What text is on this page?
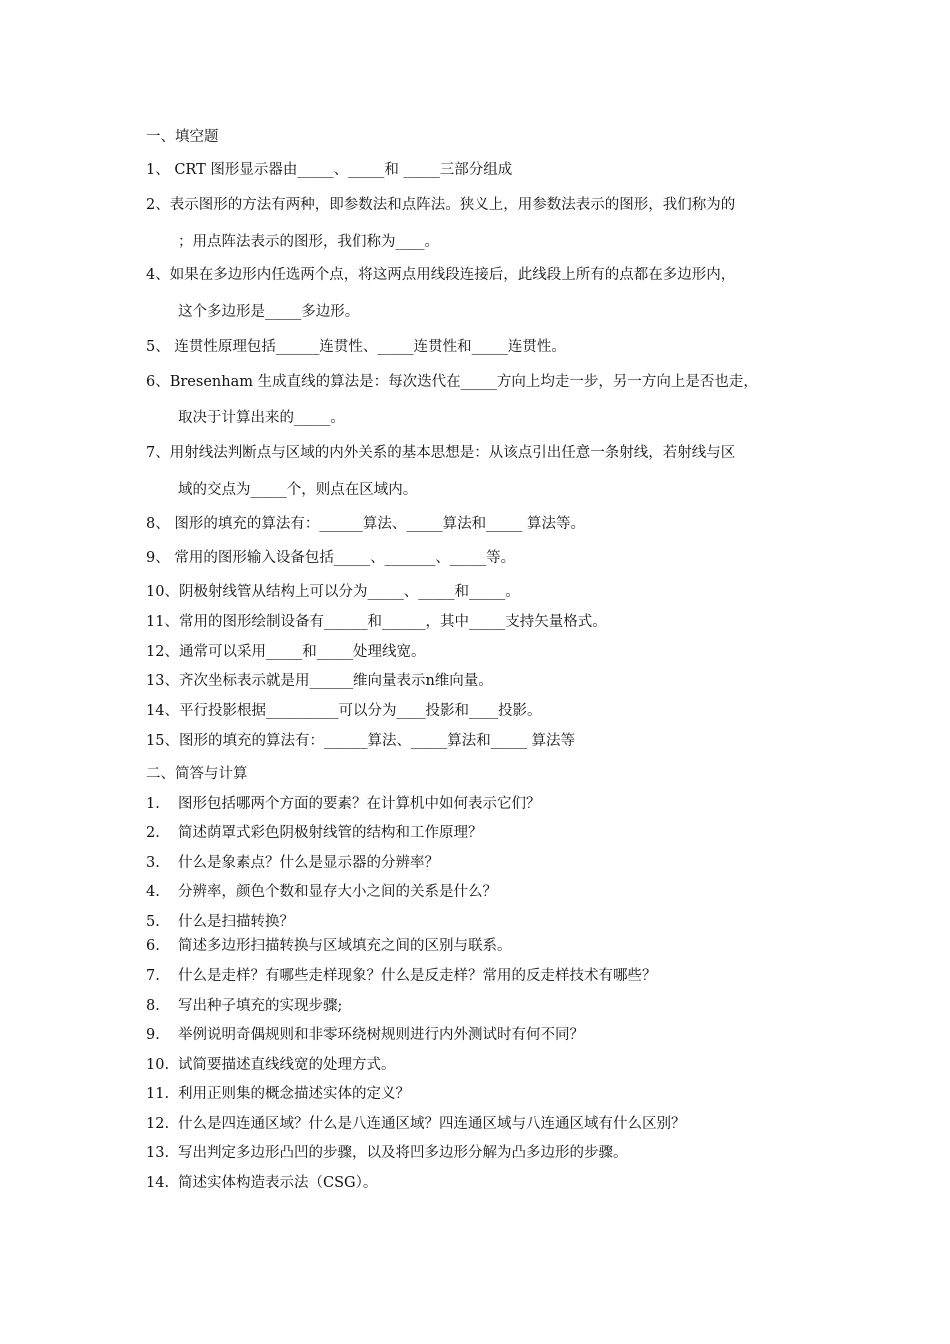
一、填空题
1、 CRT 图形显示器由_____、_____和 _____三部分组成
2、表示图形的方法有两种，即参数法和点阵法。狭义上，用参数法表示的图形，我们称为的
；用点阵法表示的图形，我们称为____。
4、如果在多边形内任选两个点，将这两点用线段连接后，此线段上所有的点都在多边形内，
这个多边形是_____多边形。
5、 连贯性原理包括______连贯性、_____连贯性和_____连贯性。
6、Bresenham 生成直线的算法是：每次迭代在_____方向上均走一步，另一方向上是否也走，
取决于计算出来的_____。
7、用射线法判断点与区域的内外关系的基本思想是：从该点引出任意一条射线，若射线与区
域的交点为_____个，则点在区域内。
8、 图形的填充的算法有：______算法、_____算法和_____ 算法等。
9、 常用的图形输入设备包括_____、_______、_____等。
10、阴极射线管从结构上可以分为_____、_____和_____。
11、常用的图形绘制设备有______和______，其中_____支持矢量格式。
12、通常可以采用_____和_____处理线宽。
13、齐次坐标表示就是用______维向量表示n维向量。
14、平行投影根据__________可以分为____投影和____投影。
15、图形的填充的算法有：______算法、_____算法和_____ 算法等
二、简答与计算
1. 图形包括哪两个方面的要素？在计算机中如何表示它们？
2. 简述荫罩式彩色阴极射线管的结构和工作原理？
3. 什么是象素点？什么是显示器的分辨率？
4. 分辨率，颜色个数和显存大小之间的关系是什么？
5. 什么是扫描转换？
6. 简述多边形扫描转换与区域填充之间的区别与联系。
7. 什么是走样？有哪些走样现象？什么是反走样？常用的反走样技术有哪些？
8. 写出种子填充的实现步骤;
9. 举例说明奇偶规则和非零环绕树规则进行内外测试时有何不同？
10. 试简要描述直线线宽的处理方式。
11. 利用正则集的概念描述实体的定义？
12. 什么是四连通区域？什么是八连通区域？四连通区域与八连通区域有什么区别？
13. 写出判定多边形凸凹的步骤，以及将凹多边形分解为凸多边形的步骤。
14. 简述实体构造表示法（CSG）。
